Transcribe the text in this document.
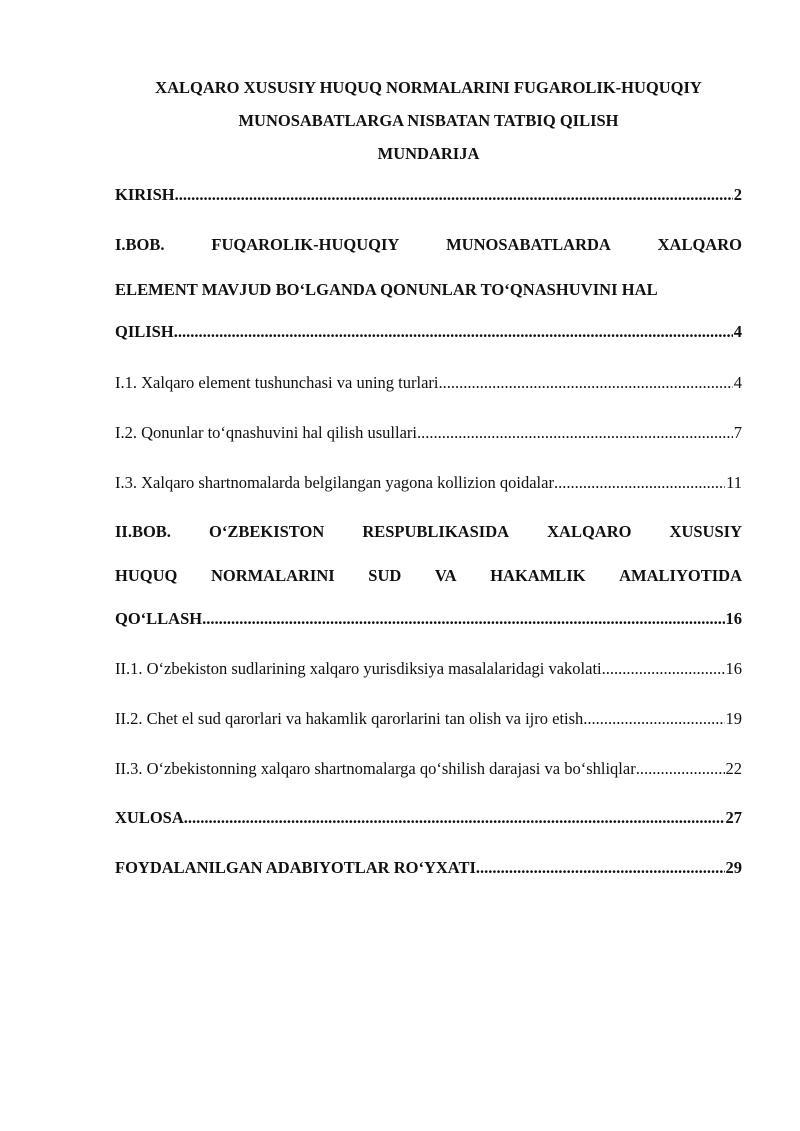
XALQARO XUSUSIY HUQUQ NORMALARINI FUGAROLIK-HUQUQIY
MUNOSABATLARGA NISBATAN TATBIQ QILISH
MUNDARIJA
KIRISH .....	2
I.BOB.	FUQAROLIK-HUQUQIY	MUNOSABATLARDA	XALQARO
ELEMENT MAVJUD BO‘LGANDA QONUNLAR TO‘QNASHUVINI HAL
QILISH .....	4
I.1. Xalqaro element tushunchasi va uning turlari .....	4
I.2. Qonunlar to‘qnashuvini hal qilish usullari .....	7
I.3. Xalqaro shartnomalarda belgilangan yagona kollizion qoidalar .....	11
II.BOB. O‘ZBEKISTON RESPUBLIKASIDA XALQARO XUSUSIY
HUQUQ NORMALARINI SUD VA HAKAMLIK AMALIYOTIDA
QO‘LLASH .....	16
II.1. O‘zbekiston sudlarining xalqaro yurisdiksiya masalalaridagi vakolati .....	16
II.2. Chet el sud qarorlari va hakamlik qarorlarini tan olish va ijro etish .....	19
II.3. O‘zbekistonning xalqaro shartnomalarga qo‘shilish darajasi va bo‘shliqlar .....	22
XULOSA .....	27
FOYDALANILGAN ADABIYOTLAR RO‘YXATI .....	29
